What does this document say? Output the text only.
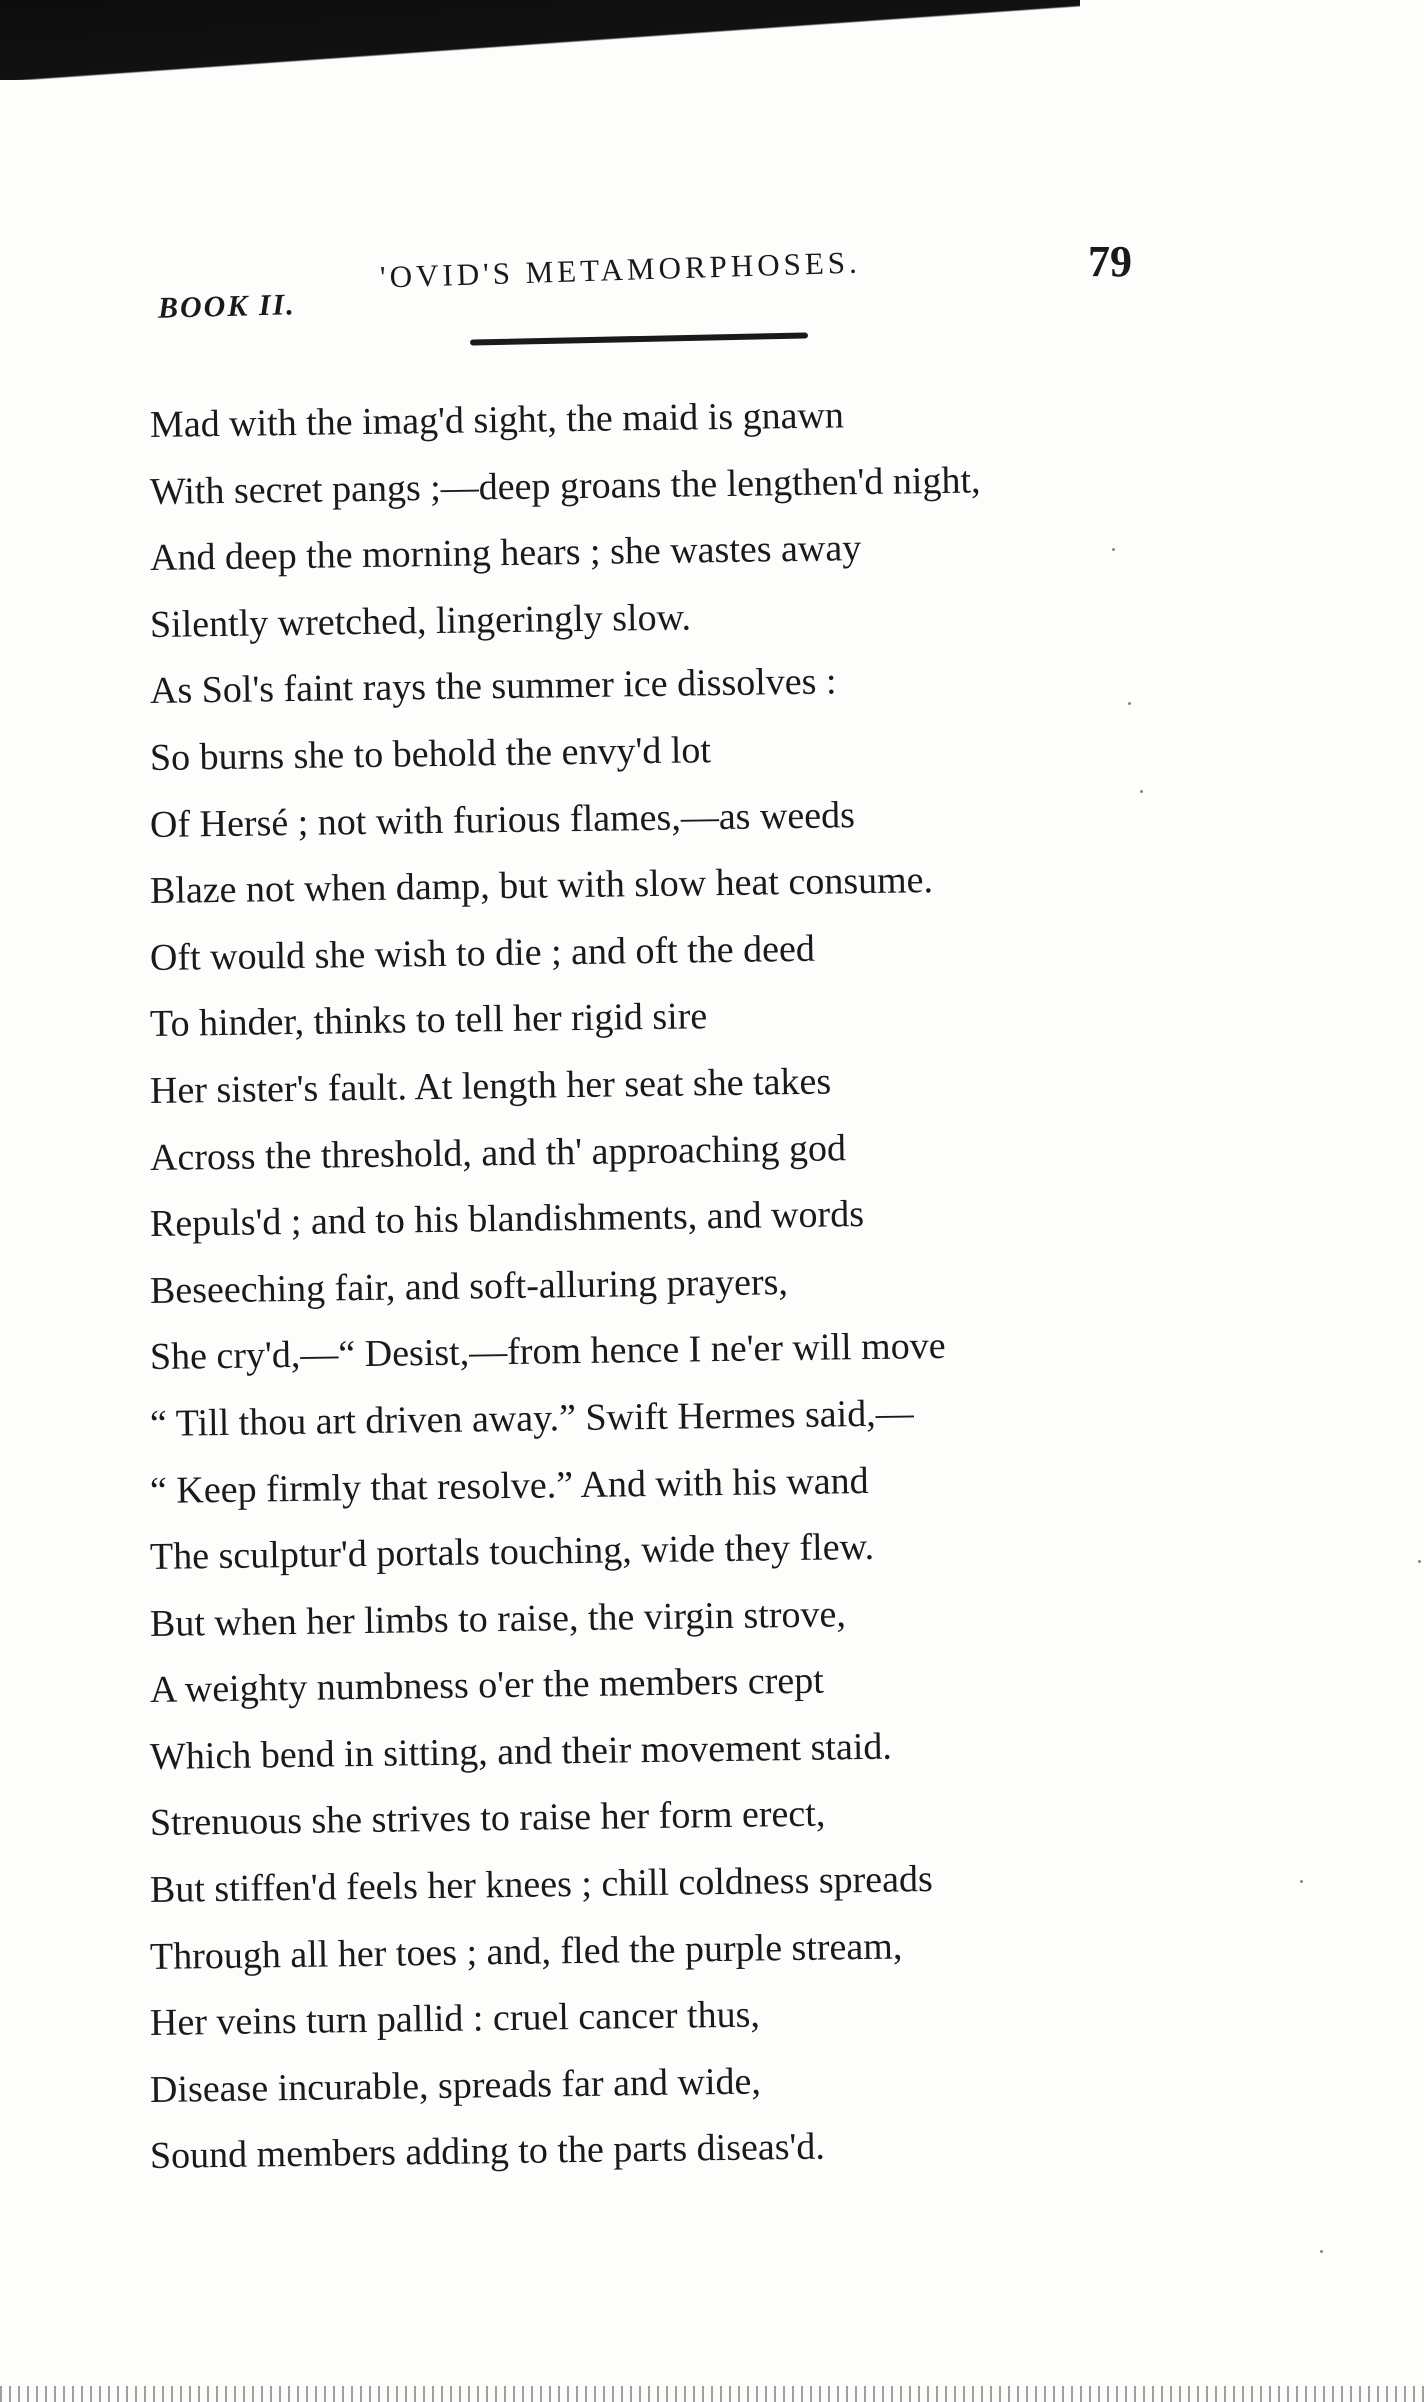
BOOK II.
'OVID'S METAMORPHOSES.	79
Mad with the imag'd sight, the maid is gnawn
With secret pangs ;—deep groans the lengthen'd night,
And deep the morning hears ; she wastes away
Silently wretched, lingeringly slow.
As Sol's faint rays the summer ice dissolves :
So burns she to behold the envy'd lot
Of Hersé ; not with furious flames,—as weeds
Blaze not when damp, but with slow heat consume.
Oft would she wish to die ; and oft the deed
To hinder, thinks to tell her rigid sire
Her sister's fault. At length her seat she takes
Across the threshold, and th' approaching god
Repuls'd ; and to his blandishments, and words
Beseeching fair, and soft-alluring prayers,
She cry'd,—“ Desist,—from hence I ne'er will move
“ Till thou art driven away.” Swift Hermes said,—
“ Keep firmly that resolve.” And with his wand
The sculptur'd portals touching, wide they flew.
But when her limbs to raise, the virgin strove,
A weighty numbness o'er the members crept
Which bend in sitting, and their movement staid.
Strenuous she strives to raise her form erect,
But stiffen'd feels her knees ; chill coldness spreads
Through all her toes ; and, fled the purple stream,
Her veins turn pallid : cruel cancer thus,
Disease incurable, spreads far and wide,
Sound members adding to the parts diseas'd.
